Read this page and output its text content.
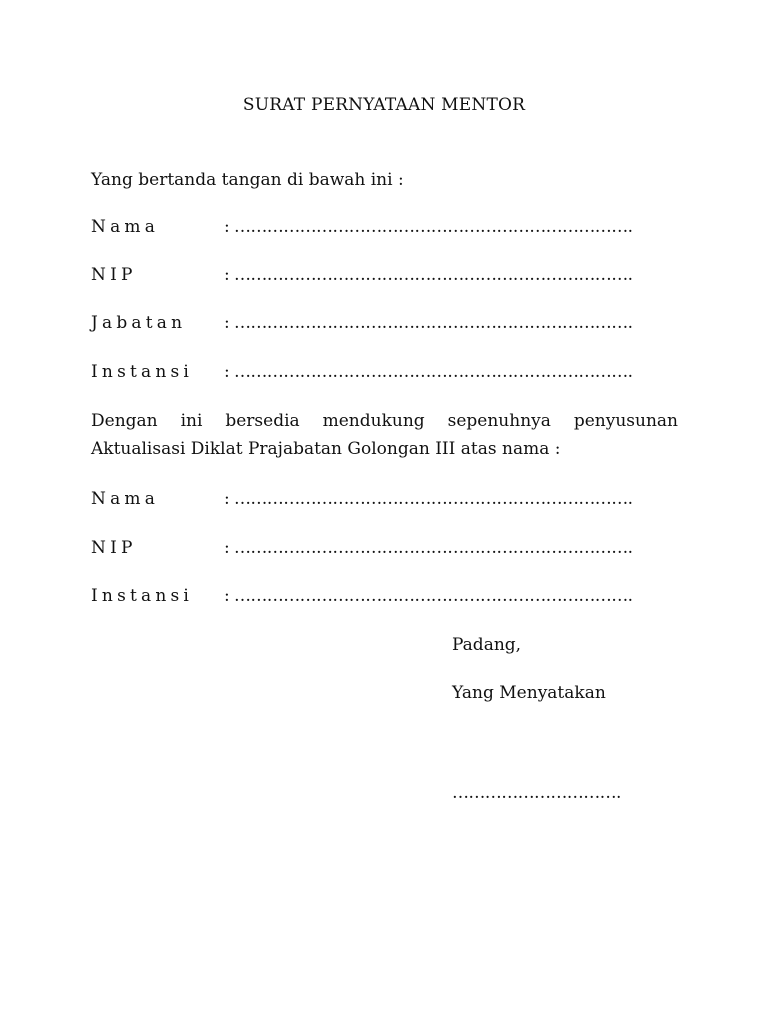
SURAT PERNYATAAN MENTOR
Yang bertanda tangan di bawah ini :
Nama	: ……………………………………………………………….
NIP	: ……………………………………………………………….
Jabatan : ……………………………………………………………….
Instansi : ……………………………………………………………….
Dengan ini bersedia mendukung sepenuhnya penyusunan
Aktualisasi Diklat Prajabatan Golongan III atas nama :
Nama	: ……………………………………………………………….
NIP	: ……………………………………………………………….
Instansi : ……………………………………………………………….
Padang,
Yang Menyatakan
………………………….
